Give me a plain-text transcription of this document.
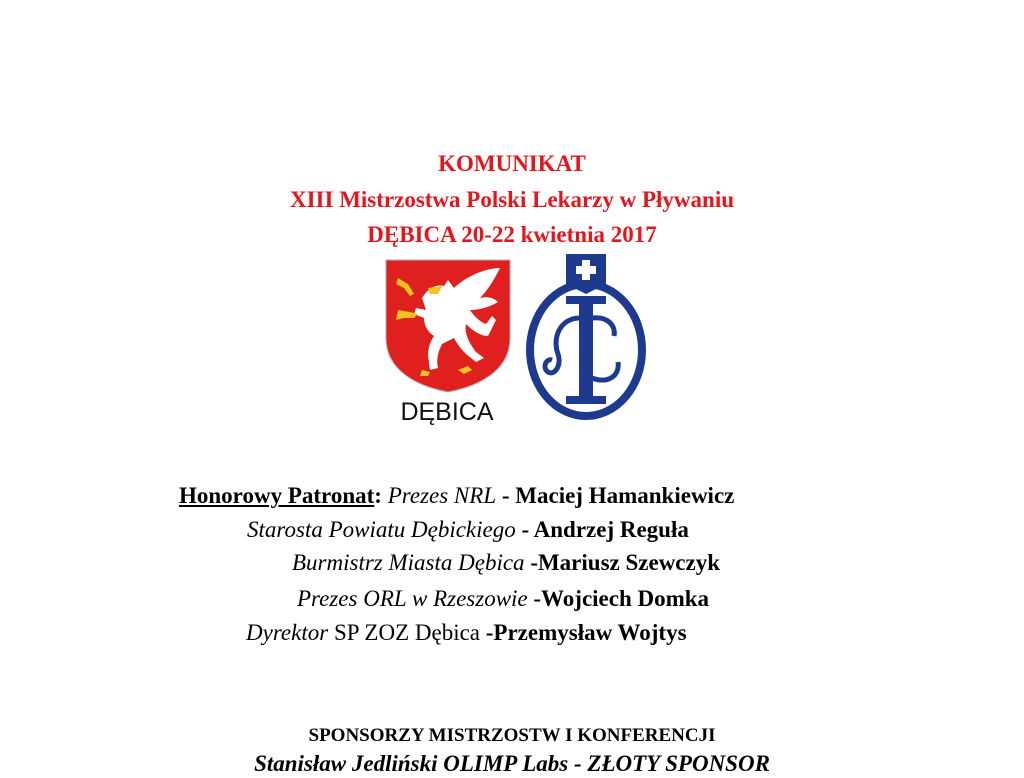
KOMUNIKAT
XIII Mistrzostwa Polski Lekarzy w Pływaniu
DĘBICA 20-22 kwietnia 2017
DĘBICA
Honorowy Patronat: Prezes NRL - Maciej Hamankiewicz
Starosta Powiatu Dębickiego - Andrzej Reguła
Burmistrz Miasta Dębica -Mariusz Szewczyk
Prezes ORL w Rzeszowie -Wojciech Domka
Dyrektor SP ZOZ Dębica -Przemysław Wojtys
SPONSORZY MISTRZOSTW I KONFERENCJI
Stanisław Jedliński OLIMP Labs - ZŁOTY SPONSOR
